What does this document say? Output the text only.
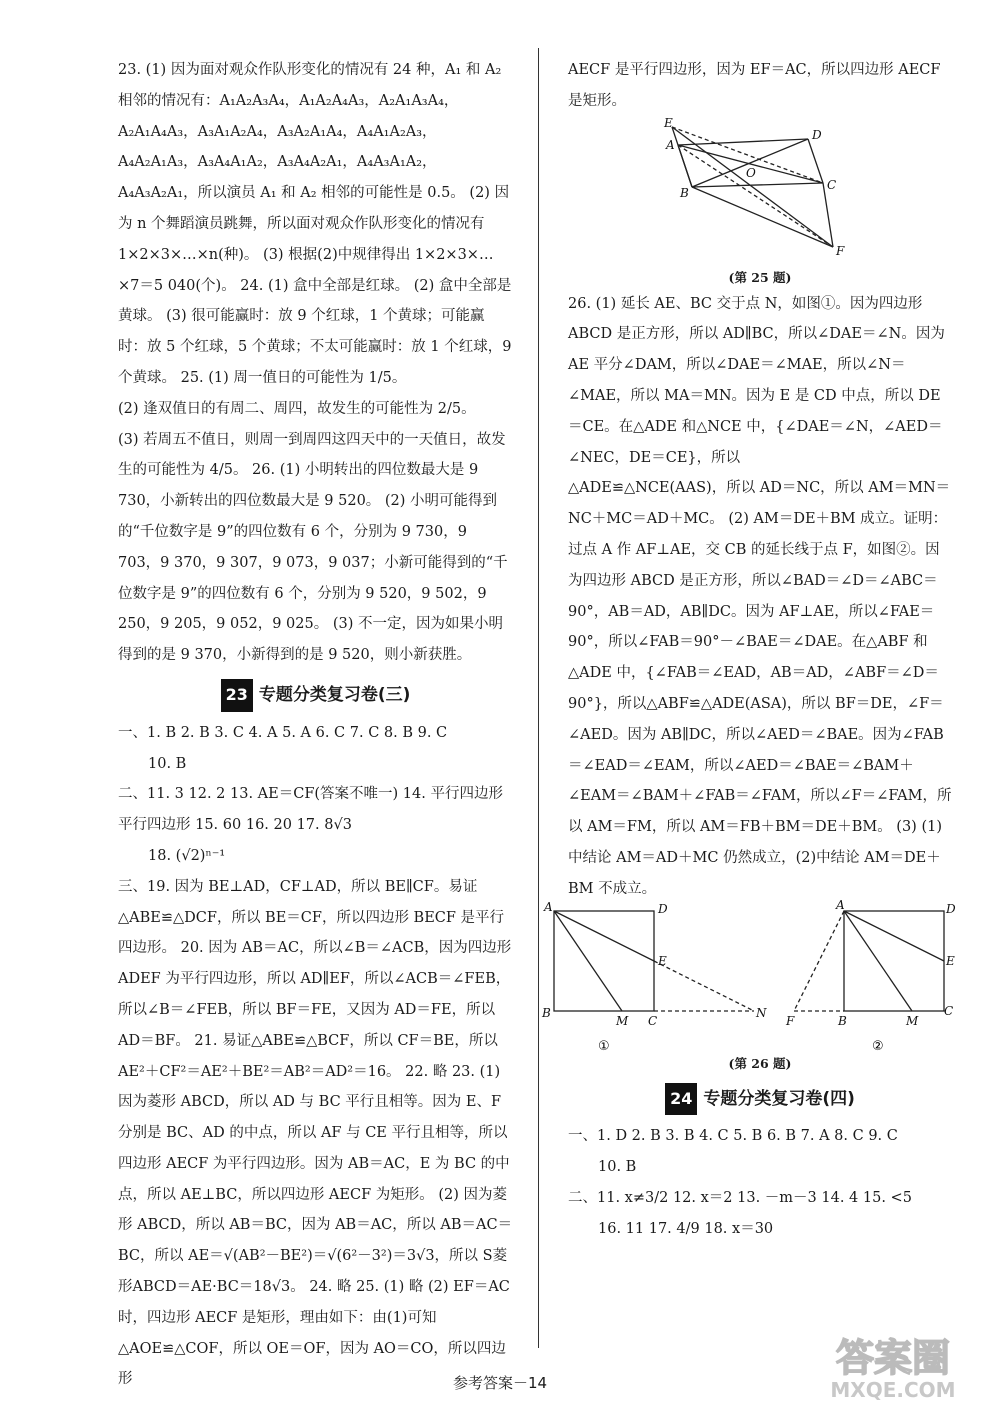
23. (1) 因为面对观众作队形变化的情况有 24 种，A₁ 和 A₂ 相邻的情况有：A₁A₂A₃A₄，A₁A₂A₄A₃，A₂A₁A₃A₄，A₂A₁A₄A₃，A₃A₁A₂A₄，A₃A₂A₁A₄，A₄A₁A₂A₃，A₄A₂A₁A₃，A₃A₄A₁A₂，A₃A₄A₂A₁，A₄A₃A₁A₂，A₄A₃A₂A₁，所以演员 A₁ 和 A₂ 相邻的可能性是 0.5。 (2) 因为 n 个舞蹈演员跳舞，所以面对观众作队形变化的情况有 1×2×3×…×n(种)。 (3) 根据(2)中规律得出 1×2×3×…×7＝5 040(个)。 24. (1) 盒中全部是红球。 (2) 盒中全部是黄球。 (3) 很可能赢时：放 9 个红球，1 个黄球；可能赢时：放 5 个红球，5 个黄球；不太可能赢时：放 1 个红球，9 个黄球。 25. (1) 周一值日的可能性为 1/5。

(2) 逢双值日的有周二、周四，故发生的可能性为 2/5。

(3) 若周五不值日，则周一到周四这四天中的一天值日，故发生的可能性为 4/5。 26. (1) 小明转出的四位数最大是 9 730，小新转出的四位数最大是 9 520。 (2) 小明可能得到的“千位数字是 9”的四位数有 6 个，分别为 9 730，9 703，9 370，9 307，9 073，9 037；小新可能得到的“千位数字是 9”的四位数有 6 个，分别为 9 520，9 502，9 250，9 205，9 052，9 025。 (3) 不一定，因为如果小明得到的是 9 370，小新得到的是 9 520，则小新获胜。

23 专题分类复习卷(三)

一、1. B 2. B 3. C 4. A 5. A 6. C 7. C 8. B 9. C

10. B

二、11. 3 12. 2 13. AE＝CF(答案不唯一) 14. 平行四边形 平行四边形 15. 60 16. 20 17. 8√3

18. (√2)ⁿ⁻¹

三、19. 因为 BE⊥AD，CF⊥AD，所以 BE∥CF。易证△ABE≌△DCF，所以 BE＝CF，所以四边形 BECF 是平行四边形。 20. 因为 AB＝AC，所以∠B＝∠ACB，因为四边形 ADEF 为平行四边形，所以 AD∥EF，所以∠ACB＝∠FEB，所以∠B＝∠FEB，所以 BF＝FE，又因为 AD＝FE，所以 AD＝BF。 21. 易证△ABE≌△BCF，所以 CF＝BE，所以 AE²＋CF²＝AE²＋BE²＝AB²＝AD²＝16。 22. 略 23. (1) 因为菱形 ABCD，所以 AD 与 BC 平行且相等。因为 E、F 分别是 BC、AD 的中点，所以 AF 与 CE 平行且相等，所以四边形 AECF 为平行四边形。因为 AB＝AC，E 为 BC 的中点，所以 AE⊥BC，所以四边形 AECF 为矩形。 (2) 因为菱形 ABCD，所以 AB＝BC，因为 AB＝AC，所以 AB＝AC＝BC，所以 AE＝√(AB²－BE²)＝√(6²－3²)＝3√3，所以 S菱形ABCD＝AE·BC＝18√3。 24. 略 25. (1) 略 (2) EF＝AC 时，四边形 AECF 是矩形，理由如下：由(1)可知△AOE≌△COF，所以 OE＝OF，因为 AO＝CO，所以四边形

AECF 是平行四边形，因为 EF＝AC，所以四边形 AECF 是矩形。

E
A
D
O
B
C
F

(第 25 题)

26. (1) 延长 AE、BC 交于点 N，如图①。因为四边形 ABCD 是正方形，所以 AD∥BC，所以∠DAE＝∠N。因为 AE 平分∠DAM，所以∠DAE＝∠MAE，所以∠N＝∠MAE，所以 MA＝MN。因为 E 是 CD 中点，所以 DE＝CE。在△ADE 和△NCE 中，{∠DAE＝∠N，∠AED＝∠NEC，DE＝CE}，所以

△ADE≌△NCE(AAS)，所以 AD＝NC，所以 AM＝MN＝NC＋MC＝AD＋MC。 (2) AM＝DE＋BM 成立。证明：过点 A 作 AF⊥AE，交 CB 的延长线于点 F，如图②。因为四边形 ABCD 是正方形，所以∠BAD＝∠D＝∠ABC＝90°，AB＝AD，AB∥DC。因为 AF⊥AE，所以∠FAE＝90°，所以∠FAB＝90°－∠BAE＝∠DAE。在△ABF 和△ADE 中，{∠FAB＝∠EAD，AB＝AD，∠ABF＝∠D＝90°}，所以△ABF≌△ADE(ASA)，所以 BF＝DE，∠F＝∠AED。因为 AB∥DC，所以∠AED＝∠BAE。因为∠FAB＝∠EAD＝∠EAM，所以∠AED＝∠BAE＝∠BAM＋∠EAM＝∠BAM＋∠FAB＝∠FAM，所以∠F＝∠FAM，所以 AM＝FM，所以 AM＝FB＋BM＝DE＋BM。 (3) (1)中结论 AM＝AD＋MC 仍然成立，(2)中结论 AM＝DE＋BM 不成立。

A	D
E
B
M C
N
①
A	D
E
F	B	M
C
②

(第 26 题)

24 专题分类复习卷(四)

一、1. D 2. B 3. B 4. C 5. B 6. B 7. A 8. C 9. C

10. B

二、11. x≠3/2 12. x＝2 13. －m－3 14. 4 15. <5

16. 11 17. 4/9 18. x＝30

参考答案－14
答案圈
MXQE.COM
